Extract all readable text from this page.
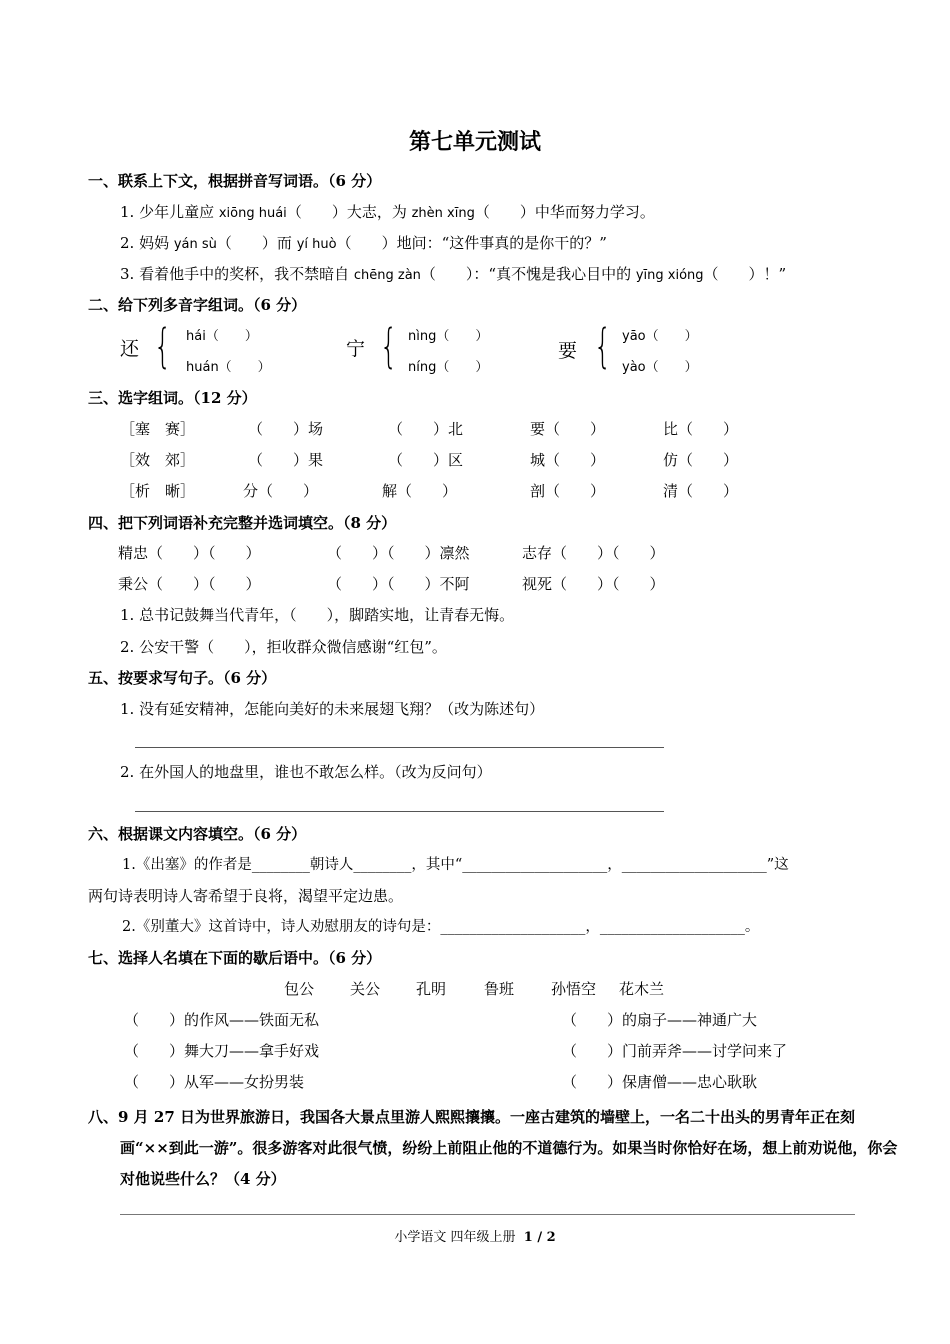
第七单元测试
一、联系上下文，根据拼音写词语。（6 分）
1. 少年儿童应 xiōng huái（　　）大志，为 zhèn xīng（　　）中华而努力学习。
2. 妈妈 yán sù（　　）而 yí huò（　　）地问：“这件事真的是你干的？”
3. 看着他手中的奖杯，我不禁暗自 chēng zàn（　　）：“真不愧是我心目中的 yīng xióng（　　）！”
二、给下列多音字组词。（6 分）
还 { hái（　　）
huán（　　）
宁 { nìng（　　）
níng（　　）
要 { yāo（　　）
yào（　　）
三、选字组词。（12 分）
［塞　赛］	（　　）场	（　　）北	要（　　）	比（　　）
［效　郊］	（　　）果	（　　）区	城（　　）	仿（　　）
［析　晰］	分（　　）	解（　　）	剖（　　）	清（　　）
四、把下列词语补充完整并选词填空。（8 分）
精忠（　　）（　　）	（　　）（　　）凛然	志存（　　）（　　）
秉公（　　）（　　）	（　　）（　　）不阿	视死（　　）（　　）
1. 总书记鼓舞当代青年，（　　），脚踏实地，让青春无悔。
2. 公安干警（　　），拒收群众微信感谢“红包”。
五、按要求写句子。（6 分）
1. 没有延安精神，怎能向美好的未来展翅飞翔？（改为陈述句）
2. 在外国人的地盘里，谁也不敢怎么样。（改为反问句）
六、根据课文内容填空。（6 分）
1.《出塞》的作者是________朝诗人________，其中“____________________，____________________”这
两句诗表明诗人寄希望于良将，渴望平定边患。
2.《别董大》这首诗中，诗人劝慰朋友的诗句是：____________________，____________________。
七、选择人名填在下面的歇后语中。（6 分）
包公 关公 孔明	鲁班 孙悟空 花木兰
（　　）的作风——铁面无私
（　　）舞大刀——拿手好戏
（　　）从军——女扮男装
（　　）的扇子——神通广大
（　　）门前弄斧——讨学问来了
（　　）保唐僧——忠心耿耿
八、9 月 27 日为世界旅游日，我国各大景点里游人熙熙攘攘。一座古建筑的墙壁上，一名二十出头的男青年正在刻画“××到此一游”。很多游客对此很气愤，纷纷上前阻止他的不道德行为。如果当时你恰好在场，想上前劝说他，你会对他说些什么？（4 分）
小学语文 四年级上册 1 / 2
